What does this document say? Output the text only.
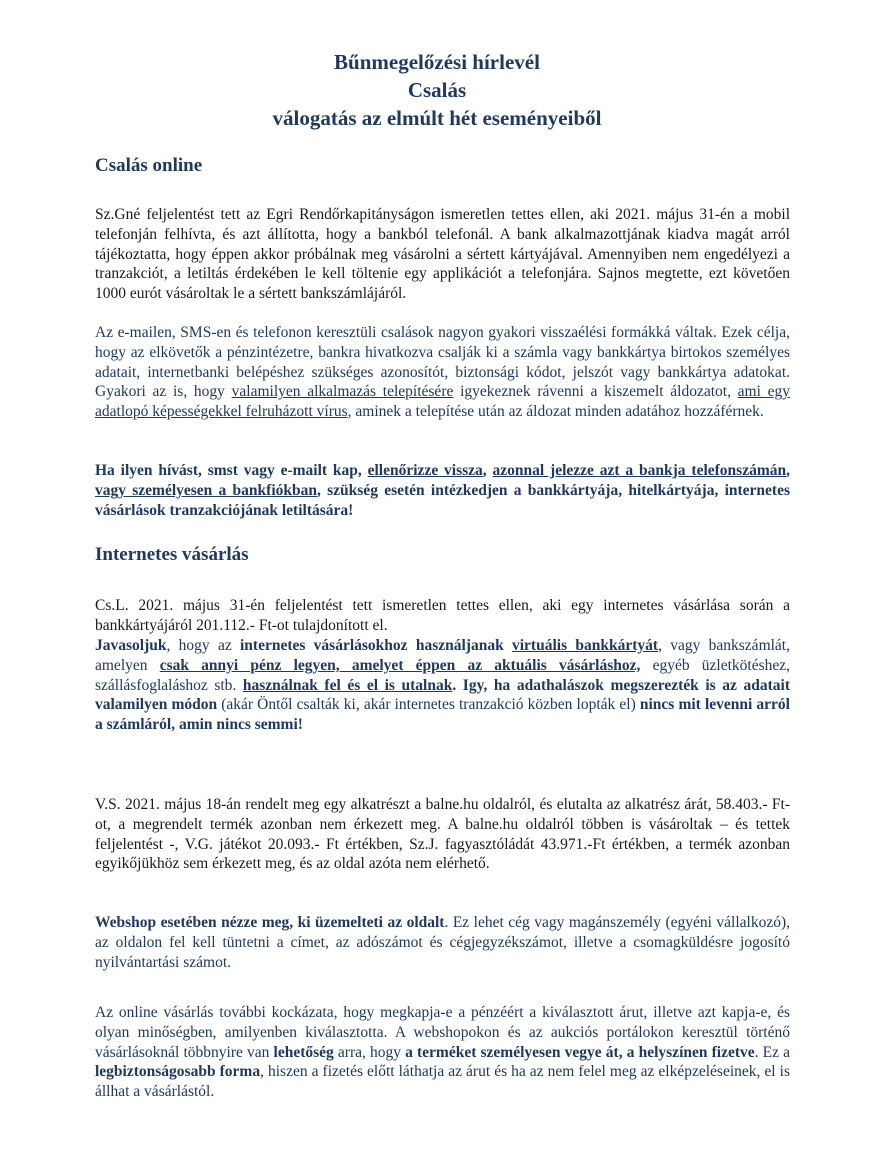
Bűnmegelőzési hírlevél
Csalás
válogatás az elmúlt hét eseményeiből
Csalás online

Sz.Gné feljelentést tett az Egri Rendőrkapitányságon ismeretlen tettes ellen, aki 2021. május 31-én a mobil telefonján felhívta, és azt állította, hogy a bankból telefonál. A bank alkalmazottjának kiadva magát arról tájékoztatta, hogy éppen akkor próbálnak meg vásárolni a sértett kártyájával. Amennyiben nem engedélyezi a tranzakciót, a letiltás érdekében le kell töltenie egy applikációt a telefonjára. Sajnos megtette, ezt követően 1000 eurót vásároltak le a sértett bankszámlájáról.

Az e-mailen, SMS-en és telefonon keresztüli csalások nagyon gyakori visszaélési formákká váltak. Ezek célja, hogy az elkövetők a pénzintézetre, bankra hivatkozva csalják ki a számla vagy bankkártya birtokos személyes adatait, internetbanki belépéshez szükséges azonosítót, biztonsági kódot, jelszót vagy bankkártya adatokat. Gyakori az is, hogy valamilyen alkalmazás telepítésére igyekeznek rávenni a kiszemelt áldozatot, ami egy adatlopó képességekkel felruházott vírus, aminek a telepítése után az áldozat minden adatához hozzáférnek.

Ha ilyen hívást, smst vagy e-mailt kap, ellenőrizze vissza, azonnal jelezze azt a bankja telefonszámán, vagy személyesen a bankfiókban, szükség esetén intézkedjen a bankkártyája, hitelkártyája, internetes vásárlások tranzakciójának letiltására!

Internetes vásárlás

Cs.L. 2021. május 31-én feljelentést tett ismeretlen tettes ellen, aki egy internetes vásárlása során a bankkártyájáról 201.112.- Ft-ot tulajdonított el.

Javasoljuk, hogy az internetes vásárlásokhoz használjanak virtuális bankkártyát, vagy bankszámlát, amelyen csak annyi pénz legyen, amelyet éppen az aktuális vásárláshoz, egyéb üzletkötéshez, szállásfoglaláshoz stb. használnak fel és el is utalnak. Igy, ha adathalászok megszerezték is az adatait valamilyen módon (akár Öntől csalták ki, akár internetes tranzakció közben lopták el) nincs mit levenni arról a számláról, amin nincs semmi!

V.S. 2021. május 18-án rendelt meg egy alkatrészt a balne.hu oldalról, és elutalta az alkatrész árát, 58.403.- Ft-ot, a megrendelt termék azonban nem érkezett meg. A balne.hu oldalról többen is vásároltak – és tettek feljelentést -, V.G. játékot 20.093.- Ft értékben, Sz.J. fagyasztóládát 43.971.-Ft értékben, a termék azonban egyikőjükhöz sem érkezett meg, és az oldal azóta nem elérhető.

Webshop esetében nézze meg, ki üzemelteti az oldalt. Ez lehet cég vagy magánszemély (egyéni vállalkozó), az oldalon fel kell tüntetni a címet, az adószámot és cégjegyzékszámot, illetve a csomagküldésre jogosító nyilvántartási számot.

Az online vásárlás további kockázata, hogy megkapja-e a pénzéért a kiválasztott árut, illetve azt kapja-e, és olyan minőségben, amilyenben kiválasztotta. A webshopokon és az aukciós portálokon keresztül történő vásárlásoknál többnyire van lehetőség arra, hogy a terméket személyesen vegye át, a helyszínen fizetve. Ez a legbiztonságosabb forma, hiszen a fizetés előtt láthatja az árut és ha az nem felel meg az elképzeléseinek, el is állhat a vásárlástól.
